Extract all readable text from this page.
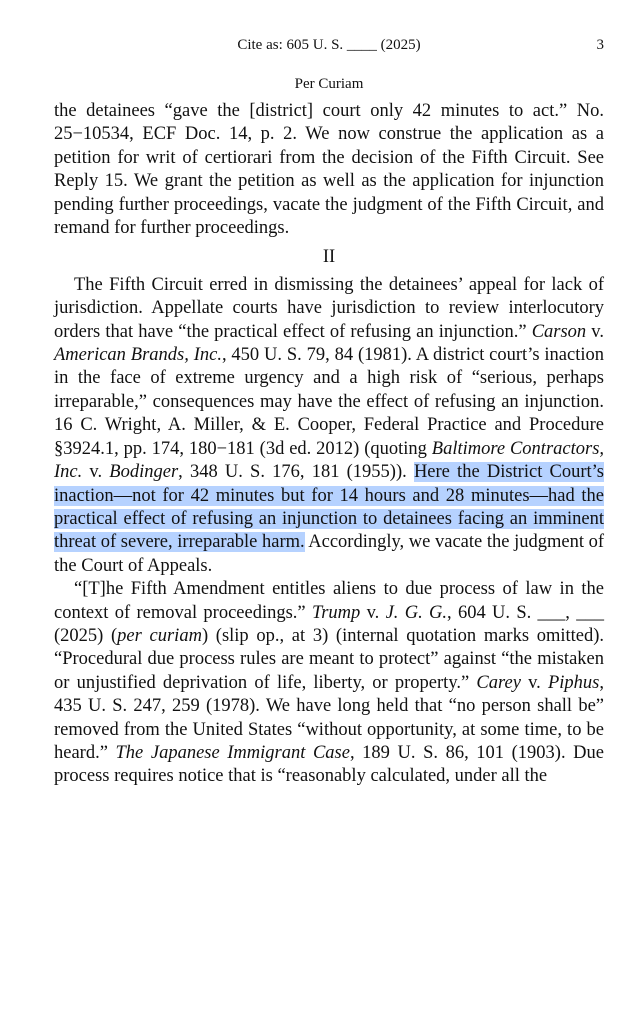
Cite as: 605 U. S. ____ (2025)	3
Per Curiam

the detainees “gave the [district] court only 42 minutes to act.” No. 25−10534, ECF Doc. 14, p. 2. We now construe the application as a petition for writ of certiorari from the decision of the Fifth Circuit. See Reply 15. We grant the petition as well as the application for injunction pending further proceedings, vacate the judgment of the Fifth Circuit, and remand for further proceedings.

II

The Fifth Circuit erred in dismissing the detainees’ appeal for lack of jurisdiction. Appellate courts have jurisdiction to review interlocutory orders that have “the practical effect of refusing an injunction.” Carson v. American Brands, Inc., 450 U. S. 79, 84 (1981). A district court’s inaction in the face of extreme urgency and a high risk of “serious, perhaps irreparable,” consequences may have the effect of refusing an injunction. 16 C. Wright, A. Miller, & E. Cooper, Federal Practice and Procedure §3924.1, pp. 174, 180−181 (3d ed. 2012) (quoting Baltimore Contractors, Inc. v. Bodinger, 348 U. S. 176, 181 (1955)). Here the District Court’s inaction—not for 42 minutes but for 14 hours and 28 minutes—had the practical effect of refusing an injunction to detainees facing an imminent threat of severe, irreparable harm. Accordingly, we vacate the judgment of the Court of Appeals.

“[T]he Fifth Amendment entitles aliens to due process of law in the context of removal proceedings.” Trump v. J. G. G., 604 U. S. ___, ___ (2025) (per curiam) (slip op., at 3) (internal quotation marks omitted). “Procedural due process rules are meant to protect” against “the mistaken or unjustified deprivation of life, liberty, or property.” Carey v. Piphus, 435 U. S. 247, 259 (1978). We have long held that “no person shall be” removed from the United States “without opportunity, at some time, to be heard.” The Japanese Immigrant Case, 189 U. S. 86, 101 (1903). Due process requires notice that is “reasonably calculated, under all the
